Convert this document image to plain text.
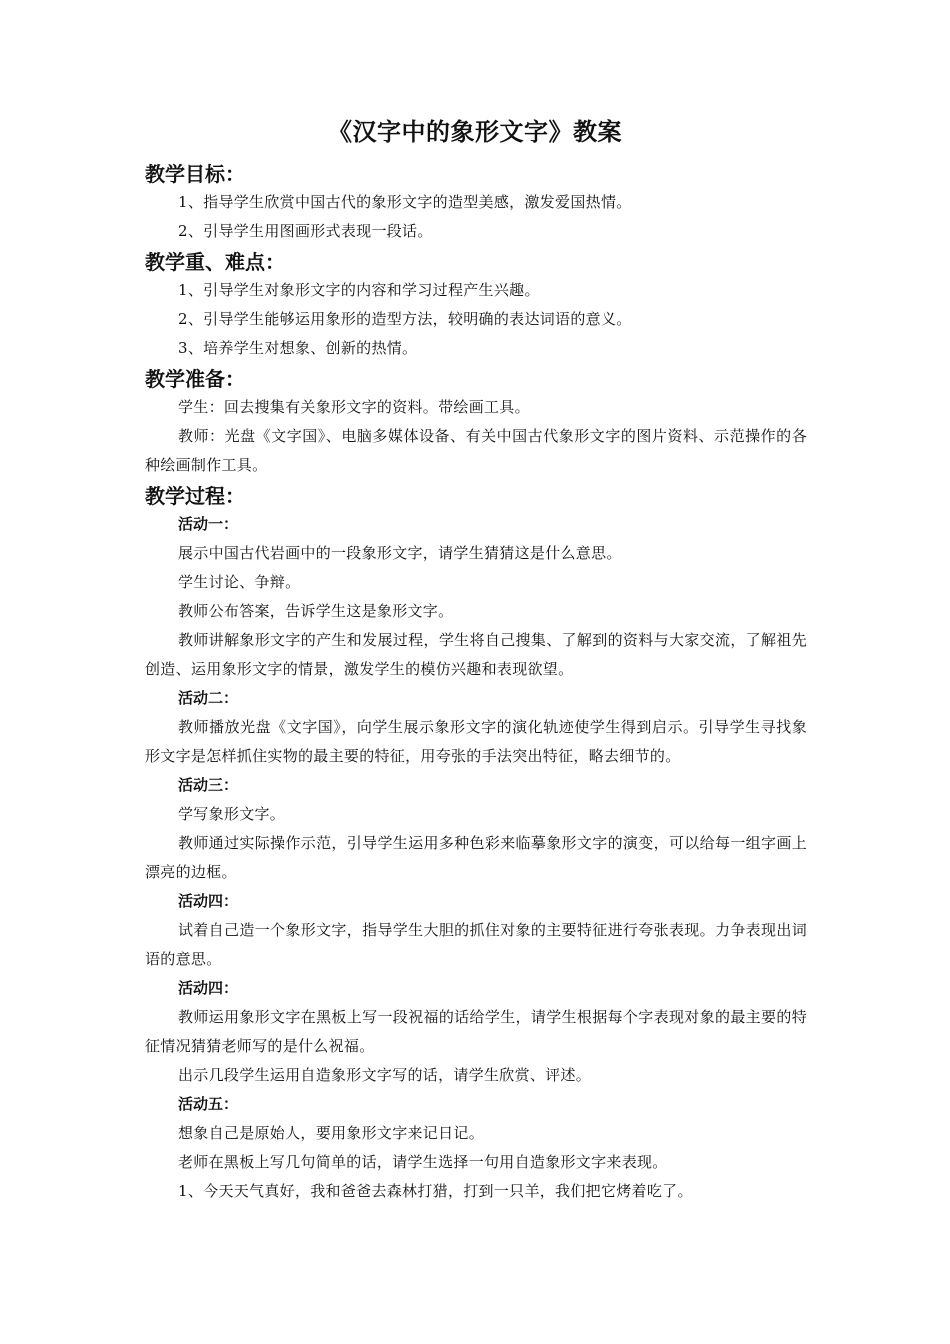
《汉字中的象形文字》教案
教学目标：

1、指导学生欣赏中国古代的象形文字的造型美感，激发爱国热情。

2、引导学生用图画形式表现一段话。

教学重、难点：

1、引导学生对象形文字的内容和学习过程产生兴趣。

2、引导学生能够运用象形的造型方法，较明确的表达词语的意义。

3、培养学生对想象、创新的热情。

教学准备：

学生：回去搜集有关象形文字的资料。带绘画工具。

教师：光盘《文字国》、电脑多媒体设备、有关中国古代象形文字的图片资料、示范操作的各种绘画制作工具。

教学过程：

活动一：

展示中国古代岩画中的一段象形文字，请学生猜猜这是什么意思。

学生讨论、争辩。

教师公布答案，告诉学生这是象形文字。

教师讲解象形文字的产生和发展过程，学生将自己搜集、了解到的资料与大家交流，了解祖先创造、运用象形文字的情景，激发学生的模仿兴趣和表现欲望。

活动二：

教师播放光盘《文字国》，向学生展示象形文字的演化轨迹使学生得到启示。引导学生寻找象形文字是怎样抓住实物的最主要的特征，用夸张的手法突出特征，略去细节的。

活动三：

学写象形文字。

教师通过实际操作示范，引导学生运用多种色彩来临摹象形文字的演变，可以给每一组字画上漂亮的边框。

活动四：

试着自己造一个象形文字，指导学生大胆的抓住对象的主要特征进行夸张表现。力争表现出词语的意思。

活动四：

教师运用象形文字在黑板上写一段祝福的话给学生，请学生根据每个字表现对象的最主要的特征情况猜猜老师写的是什么祝福。

出示几段学生运用自造象形文字写的话，请学生欣赏、评述。

活动五：

想象自己是原始人，要用象形文字来记日记。

老师在黑板上写几句简单的话，请学生选择一句用自造象形文字来表现。

1、今天天气真好，我和爸爸去森林打猎，打到一只羊，我们把它烤着吃了。
